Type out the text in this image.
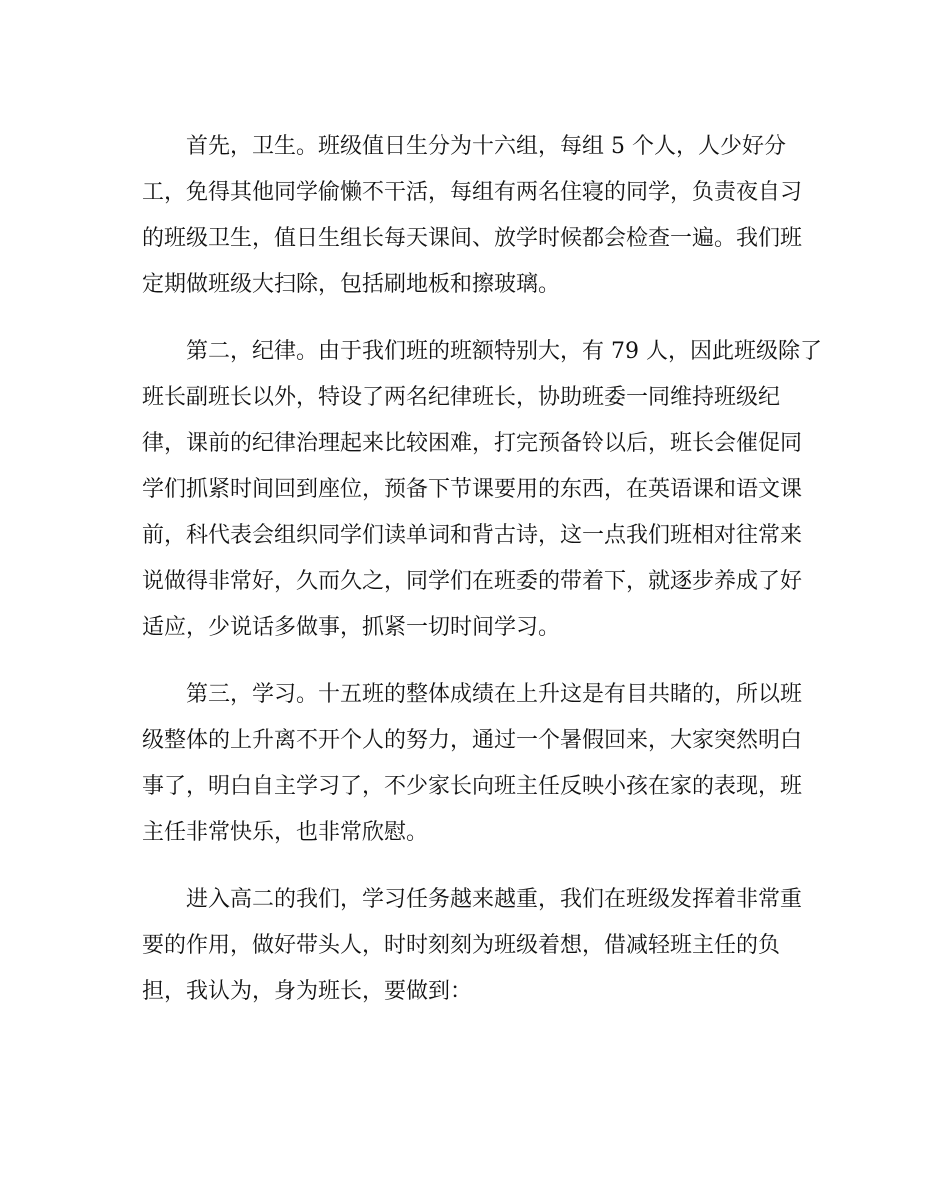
首先，卫生。班级值日生分为十六组，每组 5 个人，人少好分
工，免得其他同学偷懒不干活，每组有两名住寝的同学，负责夜自习
的班级卫生，值日生组长每天课间、放学时候都会检查一遍。我们班
定期做班级大扫除，包括刷地板和擦玻璃。

第二，纪律。由于我们班的班额特别大，有 79 人，因此班级除了
班长副班长以外，特设了两名纪律班长，协助班委一同维持班级纪
律，课前的纪律治理起来比较困难，打完预备铃以后，班长会催促同
学们抓紧时间回到座位，预备下节课要用的东西，在英语课和语文课
前，科代表会组织同学们读单词和背古诗，这一点我们班相对往常来
说做得非常好，久而久之，同学们在班委的带着下，就逐步养成了好
适应，少说话多做事，抓紧一切时间学习。

第三，学习。十五班的整体成绩在上升这是有目共睹的，所以班
级整体的上升离不开个人的努力，通过一个暑假回来，大家突然明白
事了，明白自主学习了，不少家长向班主任反映小孩在家的表现，班
主任非常快乐，也非常欣慰。

进入高二的我们，学习任务越来越重，我们在班级发挥着非常重
要的作用，做好带头人，时时刻刻为班级着想，借减轻班主任的负
担，我认为，身为班长，要做到：
